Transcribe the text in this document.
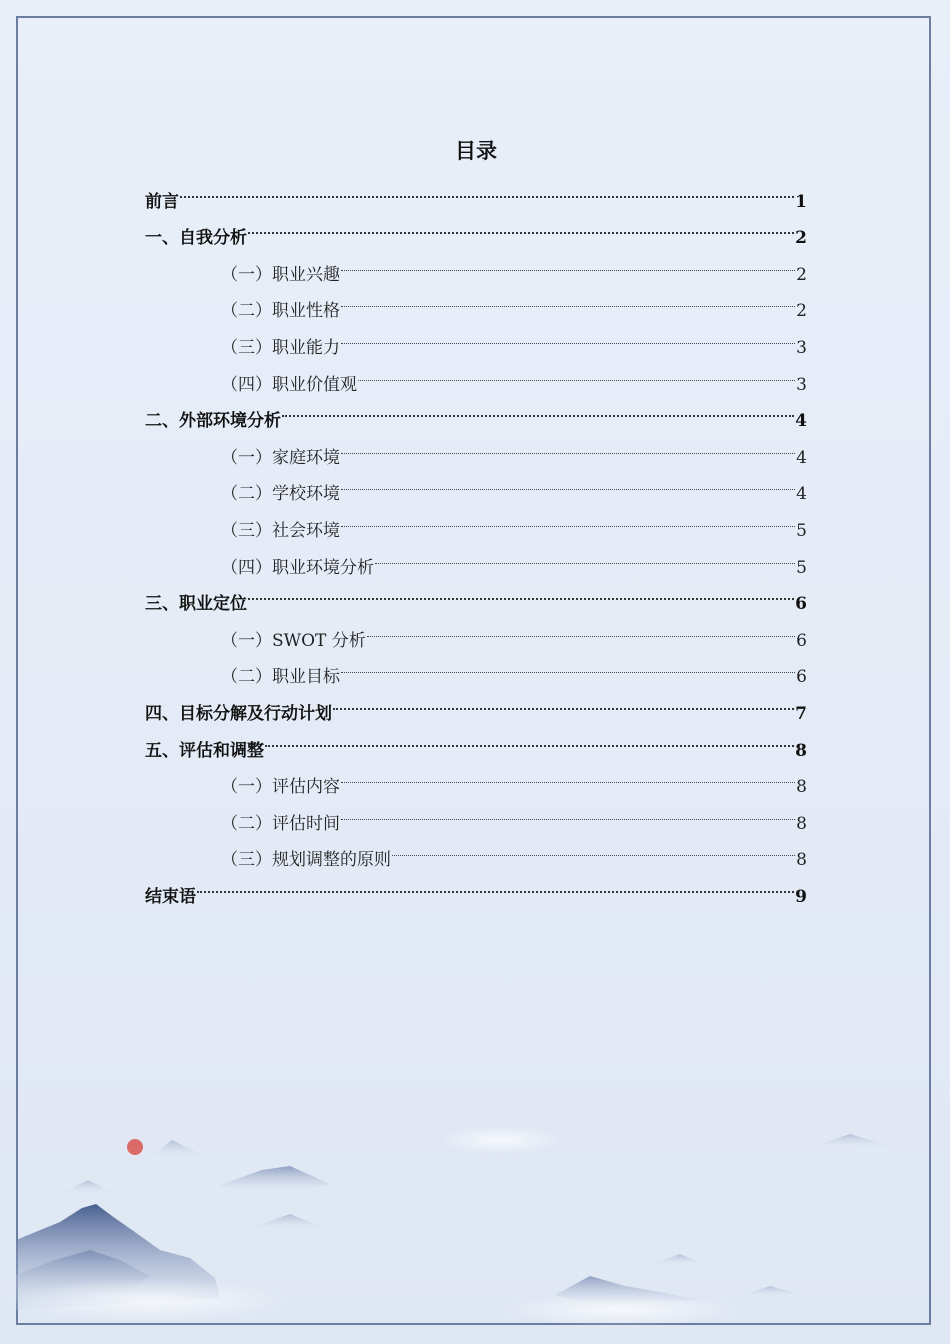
目录
前言	1
一、自我分析	2
（一）职业兴趣	2
（二）职业性格	2
（三）职业能力	3
（四）职业价值观	3
二、外部环境分析	4
（一）家庭环境	4
（二）学校环境	4
（三）社会环境	5
（四）职业环境分析	5
三、职业定位	6
（一）SWOT 分析	6
（二）职业目标	6
四、目标分解及行动计划	7
五、评估和调整	8
（一）评估内容	8
（二）评估时间	8
（三）规划调整的原则	8
结束语	9
